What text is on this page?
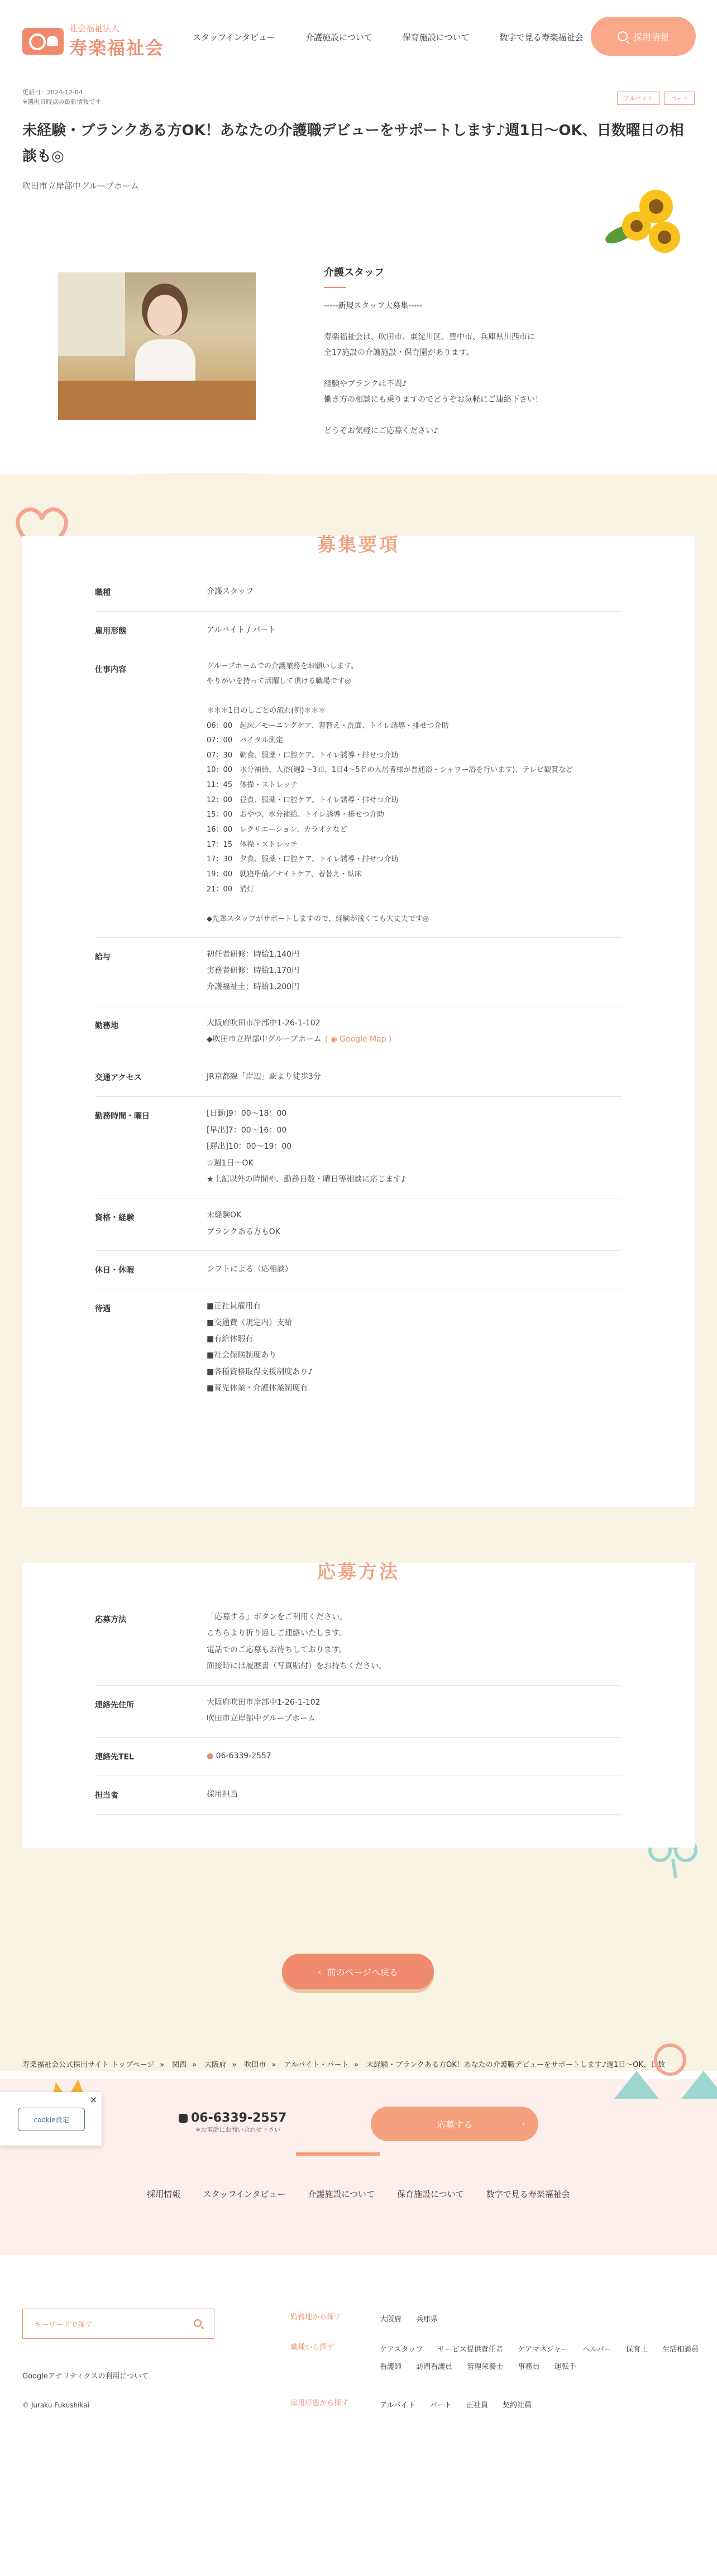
社会福祉法人
寿楽福祉会	スタッフインタビュー	介護施設について	保育施設について	数字で見る寿楽福祉会	採用情報
更新日：2024-12-04
※選択日時点の最新情報です	アルバイト	パート
未経験・ブランクある方OK！あなたの介護職デビューをサポートします♪週1日〜OK、日数曜日の相談も◎
吹田市立岸部中グループホーム
介護スタッフ

-----新規スタッフ大募集-----

寿楽福祉会は、吹田市、東淀川区、豊中市、兵庫県川西市に
全17施設の介護施設・保育園があります。

経験やブランクは不問♪
働き方の相談にも乗りますのでどうぞお気軽にご連絡下さい！

どうぞお気軽にご応募ください♪

募集要項
職種	介護スタッフ
雇用形態	アルバイト / パート
仕事内容	グループホームでの介護業務をお願いします。
やりがいを持って活躍して頂ける職場です◎

＊＊＊1日のしごとの流れ(例)＊＊＊
06：00　起床／モーニングケア、着替え・洗面、トイレ誘導・排せつ介助
07：00　バイタル測定
07：30　朝食、服薬・口腔ケア、トイレ誘導・排せつ介助
10：00　水分補給、入浴(週2〜3回、1日4〜5名の入居者様が普通浴・シャワー浴を行います)、テレビ観賞など
11：45　体操・ストレッチ
12：00　昼食、服薬・口腔ケア、トイレ誘導・排せつ介助
15：00　おやつ、水分補給、トイレ誘導・排せつ介助
16：00　レクリエーション、カラオケなど
17：15　体操・ストレッチ
17：30　夕食、服薬・口腔ケア、トイレ誘導・排せつ介助
19：00　就寝準備／ナイトケア、着替え・臥床
21：00　消灯

◆先輩スタッフがサポートしますので、経験が浅くても大丈夫です◎
給与	初任者研修：時給1,140円
実務者研修：時給1,170円
介護福祉士：時給1,200円
勤務地	大阪府吹田市岸部中1-26-1-102
◆吹田市立岸部中グループホーム ( ◉ Google Map )
交通アクセス	JR京都線「岸辺」駅より徒歩3分
勤務時間・曜日	[日勤]9：00〜18：00
[早出]7：00〜16：00
[遅出]10：00〜19：00
☆週1日〜OK
★上記以外の時間や、勤務日数・曜日等相談に応じます♪
資格・経験	未経験OK
ブランクある方もOK
休日・休暇	シフトによる（応相談）
待遇	■正社員雇用有
■交通費（規定内）支給
■有給休暇有
■社会保険制度あり
■各種資格取得支援制度あり♪
■育児休業・介護休業制度有
応募方法
応募方法	「応募する」ボタンをご利用ください。
こちらより折り返しご連絡いたします。
電話でのご応募もお待ちしております。
面接時には履歴書（写真貼付）をお持ちください。
連絡先住所	大阪府吹田市岸部中1-26-1-102
吹田市立岸部中グループホーム
連絡先TEL	● 06-6339-2557
担当者	採用担当
‹ 前のページへ戻る
寿楽福祉会公式採用サイト トップページ » 関西 » 大阪府 » 吹田市 » アルバイト・パート » 未経験・ブランクある方OK！あなたの介護職デビューをサポートします♪週1日〜OK、日数
06-6339-2557
※お電話にお問い合わせ下さい	応募する	›
採用情報	スタッフインタビュー	介護施設について	保育施設について	数字で見る寿楽福祉会
cookie設定
×
キーワードで探す
Googleアナリティクスの利用について
© Juraku Fukushikai
勤務地から探す	大阪府 兵庫県
職種から探す	ケアスタッフ サービス提供責任者 ケアマネジャー ヘルパー 保育士 生活相談員 看護師 訪問看護員 管理栄養士 事務員 運転手
雇用形態から探す	アルバイト パート 正社員 契約社員
